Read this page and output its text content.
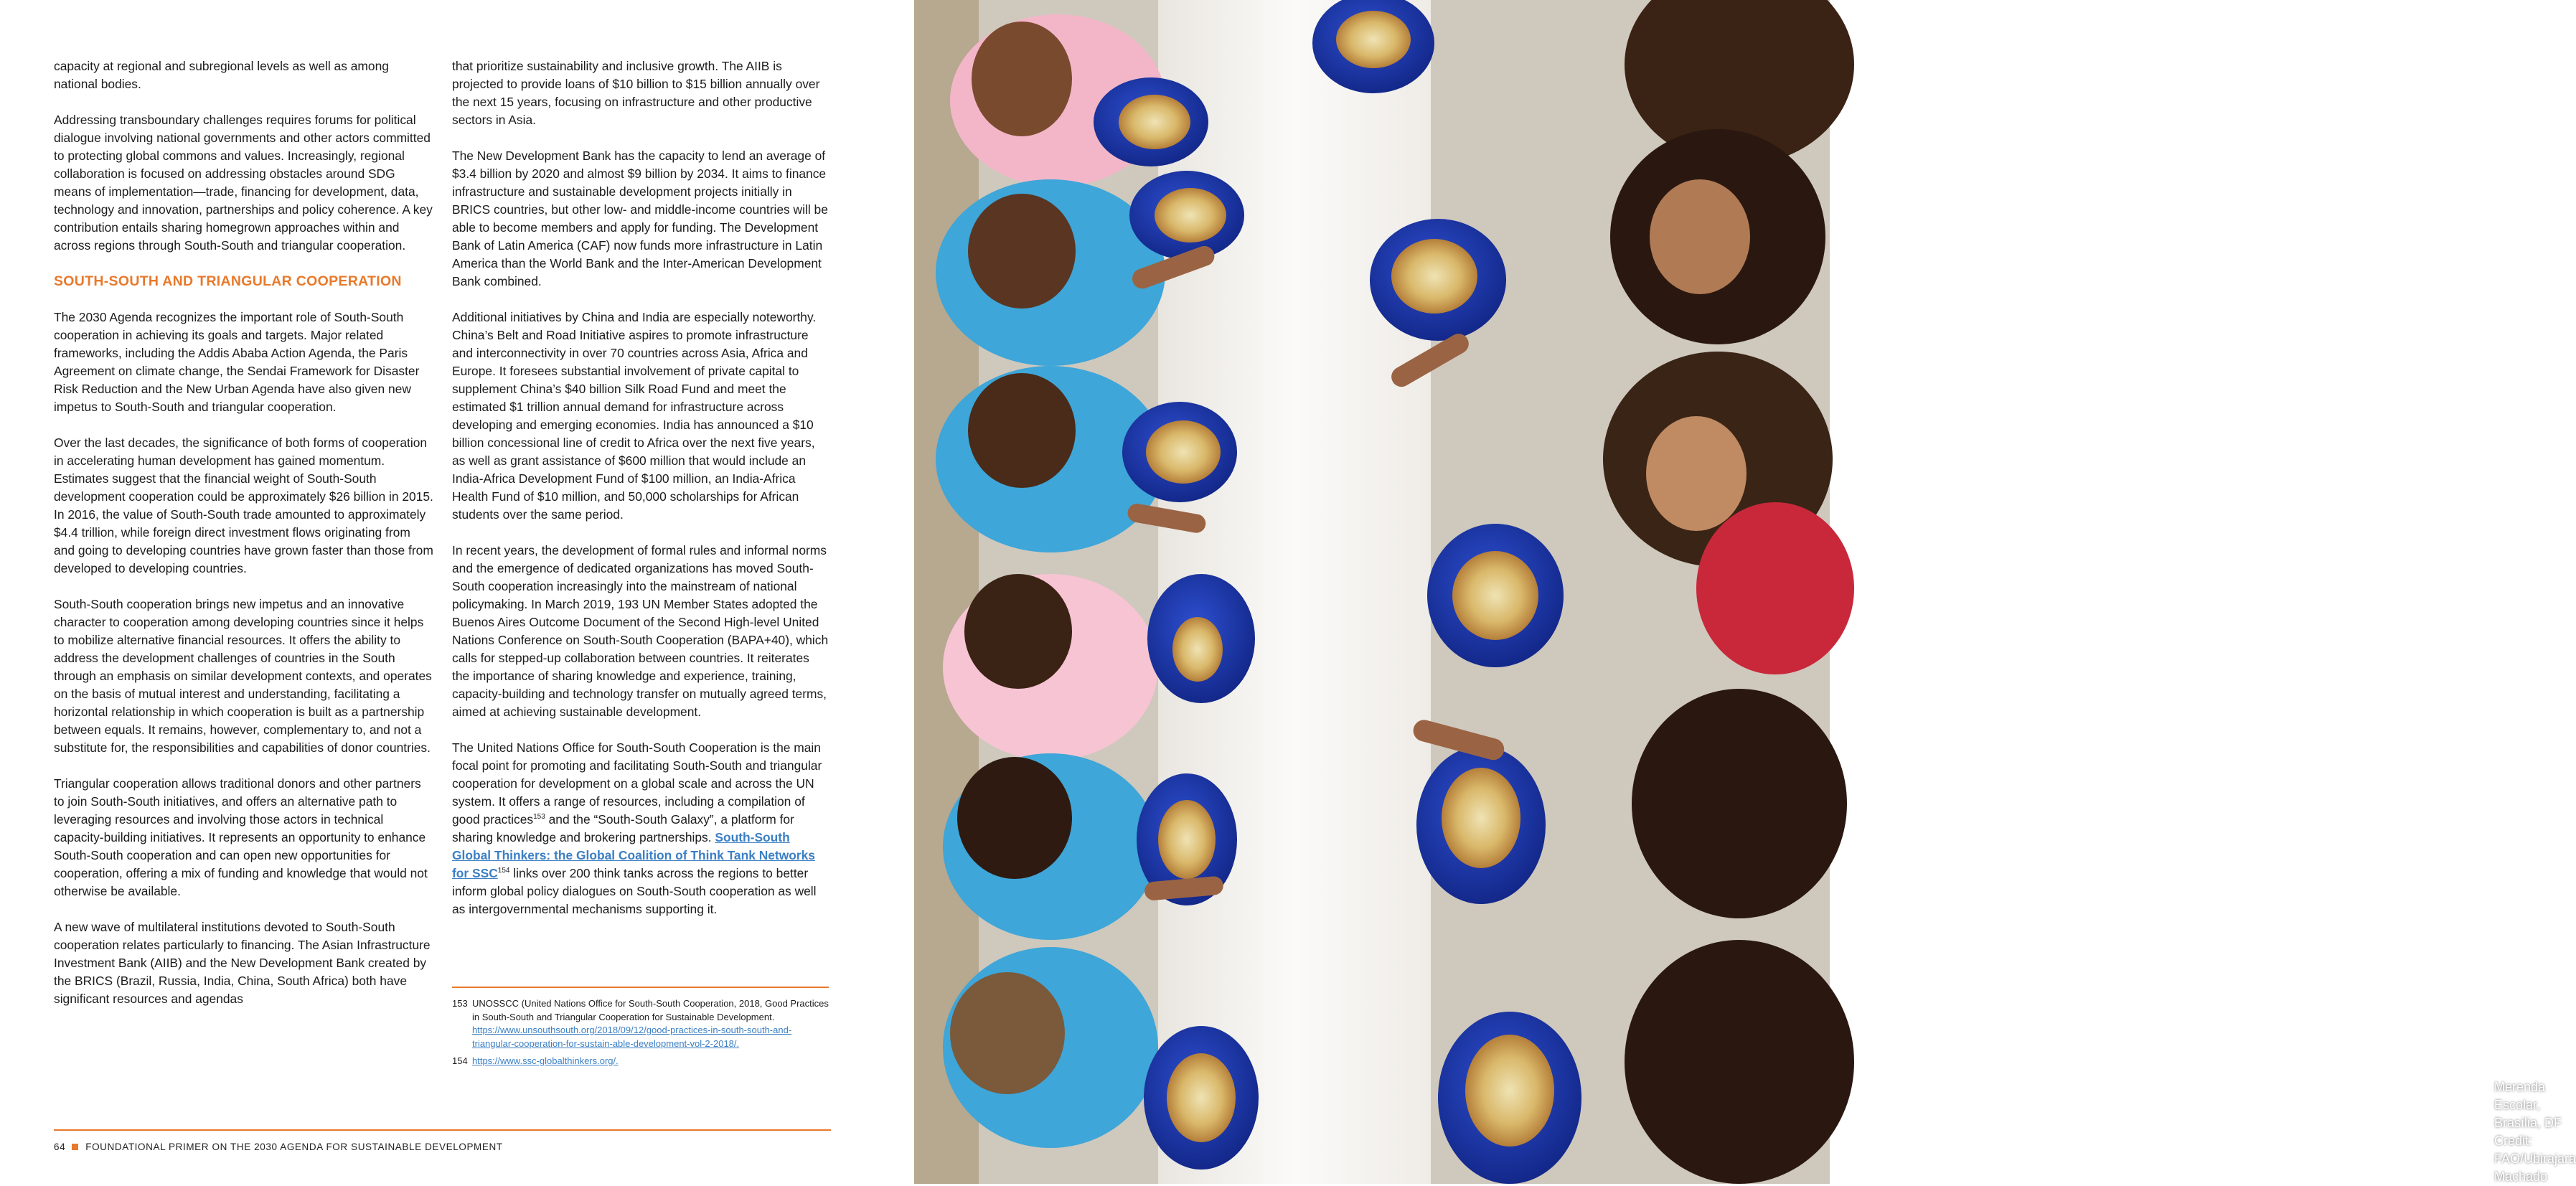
capacity at regional and subregional levels as well as among national bodies.

Addressing transboundary challenges requires forums for political dialogue involving national governments and other actors committed to protecting global commons and values. Increasingly, regional collaboration is focused on addressing obstacles around SDG means of implementation—trade, financing for development, data, technology and innovation, partnerships and policy coherence. A key contribution entails sharing homegrown approaches within and across regions through South-South and triangular cooperation.

SOUTH-SOUTH AND TRIANGULAR COOPERATION

The 2030 Agenda recognizes the important role of South-South cooperation in achieving its goals and targets. Major related frameworks, including the Addis Ababa Action Agenda, the Paris Agreement on climate change, the Sendai Framework for Disaster Risk Reduction and the New Urban Agenda have also given new impetus to South-South and triangular cooperation.

Over the last decades, the significance of both forms of cooperation in accelerating human development has gained momentum. Estimates suggest that the financial weight of South-South development cooperation could be approximately $26 billion in 2015. In 2016, the value of South-South trade amounted to approximately $4.4 trillion, while foreign direct investment flows originating from and going to developing countries have grown faster than those from developed to developing countries.

South-South cooperation brings new impetus and an innovative character to cooperation among developing countries since it helps to mobilize alternative financial resources. It offers the ability to address the development challenges of countries in the South through an emphasis on similar development contexts, and operates on the basis of mutual interest and understanding, facilitating a horizontal relationship in which cooperation is built as a partnership between equals. It remains, however, complementary to, and not a substitute for, the responsibilities and capabilities of donor countries.

Triangular cooperation allows traditional donors and other partners to join South-South initiatives, and offers an alternative path to leveraging resources and involving those actors in technical capacity-building initiatives. It represents an opportunity to enhance South-South cooperation and can open new opportunities for cooperation, offering a mix of funding and knowledge that would not otherwise be available.

A new wave of multilateral institutions devoted to South-South cooperation relates particularly to financing. The Asian Infrastructure Investment Bank (AIIB) and the New Development Bank created by the BRICS (Brazil, Russia, India, China, South Africa) both have significant resources and agendas

that prioritize sustainability and inclusive growth. The AIIB is projected to provide loans of $10 billion to $15 billion annually over the next 15 years, focusing on infrastructure and other productive sectors in Asia.

The New Development Bank has the capacity to lend an average of $3.4 billion by 2020 and almost $9 billion by 2034. It aims to finance infrastructure and sustainable development projects initially in BRICS countries, but other low- and middle-income countries will be able to become members and apply for funding. The Development Bank of Latin America (CAF) now funds more infrastructure in Latin America than the World Bank and the Inter-American Development Bank combined.

Additional initiatives by China and India are especially noteworthy. China’s Belt and Road Initiative aspires to promote infrastructure and interconnectivity in over 70 countries across Asia, Africa and Europe. It foresees substantial involvement of private capital to supplement China’s $40 billion Silk Road Fund and meet the estimated $1 trillion annual demand for infrastructure across developing and emerging economies. India has announced a $10 billion concessional line of credit to Africa over the next five years, as well as grant assistance of $600 million that would include an India-Africa Development Fund of $100 million, an India-Africa Health Fund of $10 million, and 50,000 scholarships for African students over the same period.

In recent years, the development of formal rules and informal norms and the emergence of dedicated organizations has moved South-South cooperation increasingly into the mainstream of national policymaking. In March 2019, 193 UN Member States adopted the Buenos Aires Outcome Document of the Second High-level United Nations Conference on South-South Cooperation (BAPA+40), which calls for stepped-up collaboration between countries. It reiterates the importance of sharing knowledge and experience, training, capacity-building and technology transfer on mutually agreed terms, aimed at achieving sustainable development.

The United Nations Office for South-South Cooperation is the main focal point for promoting and facilitating South-South and triangular cooperation for development on a global scale and across the UN system. It offers a range of resources, including a compilation of good practices$^{153}$ and the “South-South Galaxy”, a platform for sharing knowledge and brokering partnerships. South-South Global Thinkers: the Global Coalition of Think Tank Networks for SSC$^{154}$ links over 200 think tanks across the regions to better inform global policy dialogues on South-South cooperation as well as intergovernmental mechanisms supporting it.

153 UNOSSCC (United Nations Office for South-South Cooperation, 2018, Good Practices in South-South and Triangular Cooperation for Sustainable Development. https://www.unsouthsouth.org/2018/09/12/good-practices-in-south-south-and-triangular-cooperation-for-sustain-able-development-vol-2-2018/.
154 https://www.ssc-globalthinkers.org/.
64 FOUNDATIONAL PRIMER ON THE 2030 AGENDA FOR SUSTAINABLE DEVELOPMENT
Merenda Escolar, Brasília, DF
Credit: FAO/Ubirajara Machado
